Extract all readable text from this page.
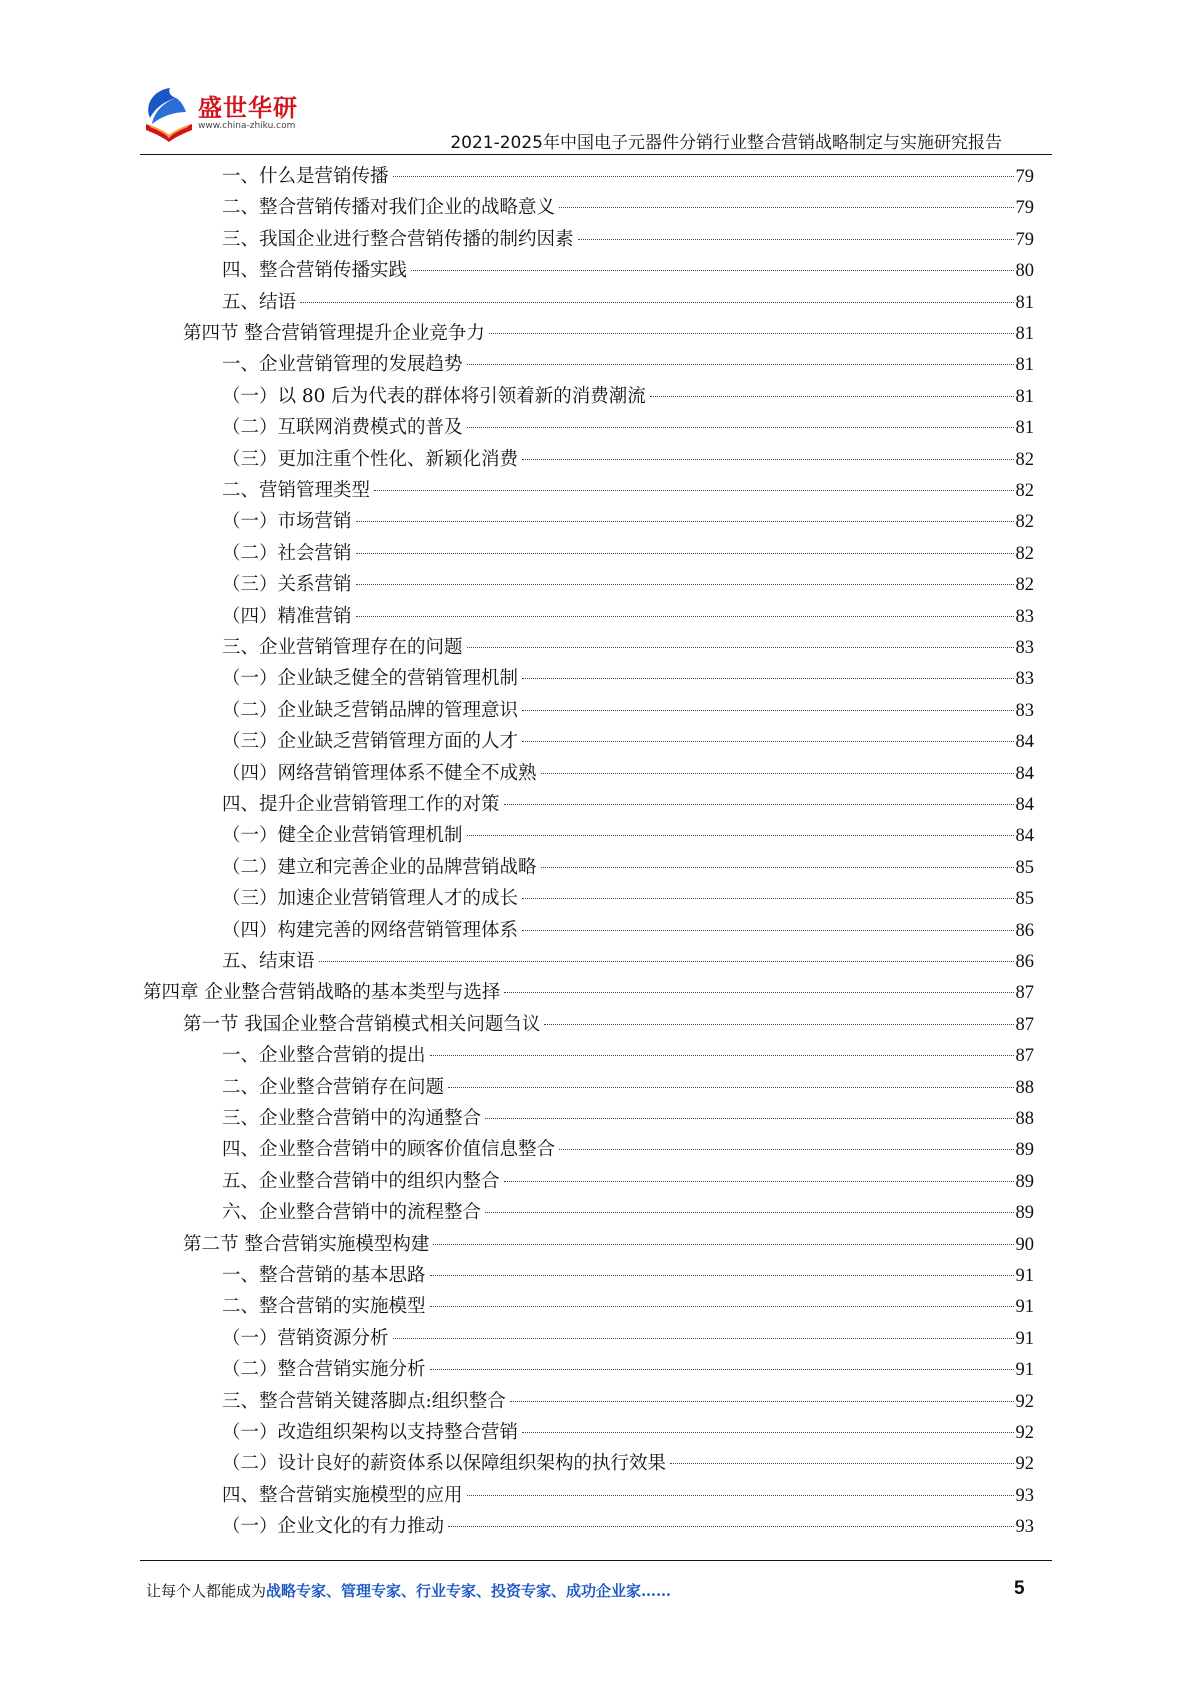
盛世华研
www.china-zhiku.com
2021-2025年中国电子元器件分销行业整合营销战略制定与实施研究报告
一、什么是营销传播	79
二、整合营销传播对我们企业的战略意义	79
三、我国企业进行整合营销传播的制约因素	79
四、整合营销传播实践	80
五、结语	81
第四节 整合营销管理提升企业竞争力	81
一、企业营销管理的发展趋势	81
（一）以 80 后为代表的群体将引领着新的消费潮流	81
（二）互联网消费模式的普及	81
（三）更加注重个性化、新颖化消费	82
二、营销管理类型	82
（一）市场营销	82
（二）社会营销	82
（三）关系营销	82
（四）精准营销	83
三、企业营销管理存在的问题	83
（一）企业缺乏健全的营销管理机制	83
（二）企业缺乏营销品牌的管理意识	83
（三）企业缺乏营销管理方面的人才	84
（四）网络营销管理体系不健全不成熟	84
四、提升企业营销管理工作的对策	84
（一）健全企业营销管理机制	84
（二）建立和完善企业的品牌营销战略	85
（三）加速企业营销管理人才的成长	85
（四）构建完善的网络营销管理体系	86
五、结束语	86
第四章 企业整合营销战略的基本类型与选择	87
第一节 我国企业整合营销模式相关问题刍议	87
一、企业整合营销的提出	87
二、企业整合营销存在问题	88
三、企业整合营销中的沟通整合	88
四、企业整合营销中的顾客价值信息整合	89
五、企业整合营销中的组织内整合	89
六、企业整合营销中的流程整合	89
第二节 整合营销实施模型构建	90
一、整合营销的基本思路	91
二、整合营销的实施模型	91
（一）营销资源分析	91
（二）整合营销实施分析	91
三、整合营销关键落脚点:组织整合	92
（一）改造组织架构以支持整合营销	92
（二）设计良好的薪资体系以保障组织架构的执行效果	92
四、整合营销实施模型的应用	93
（一）企业文化的有力推动	93
让每个人都能成为战略专家、管理专家、行业专家、投资专家、成功企业家……	5
